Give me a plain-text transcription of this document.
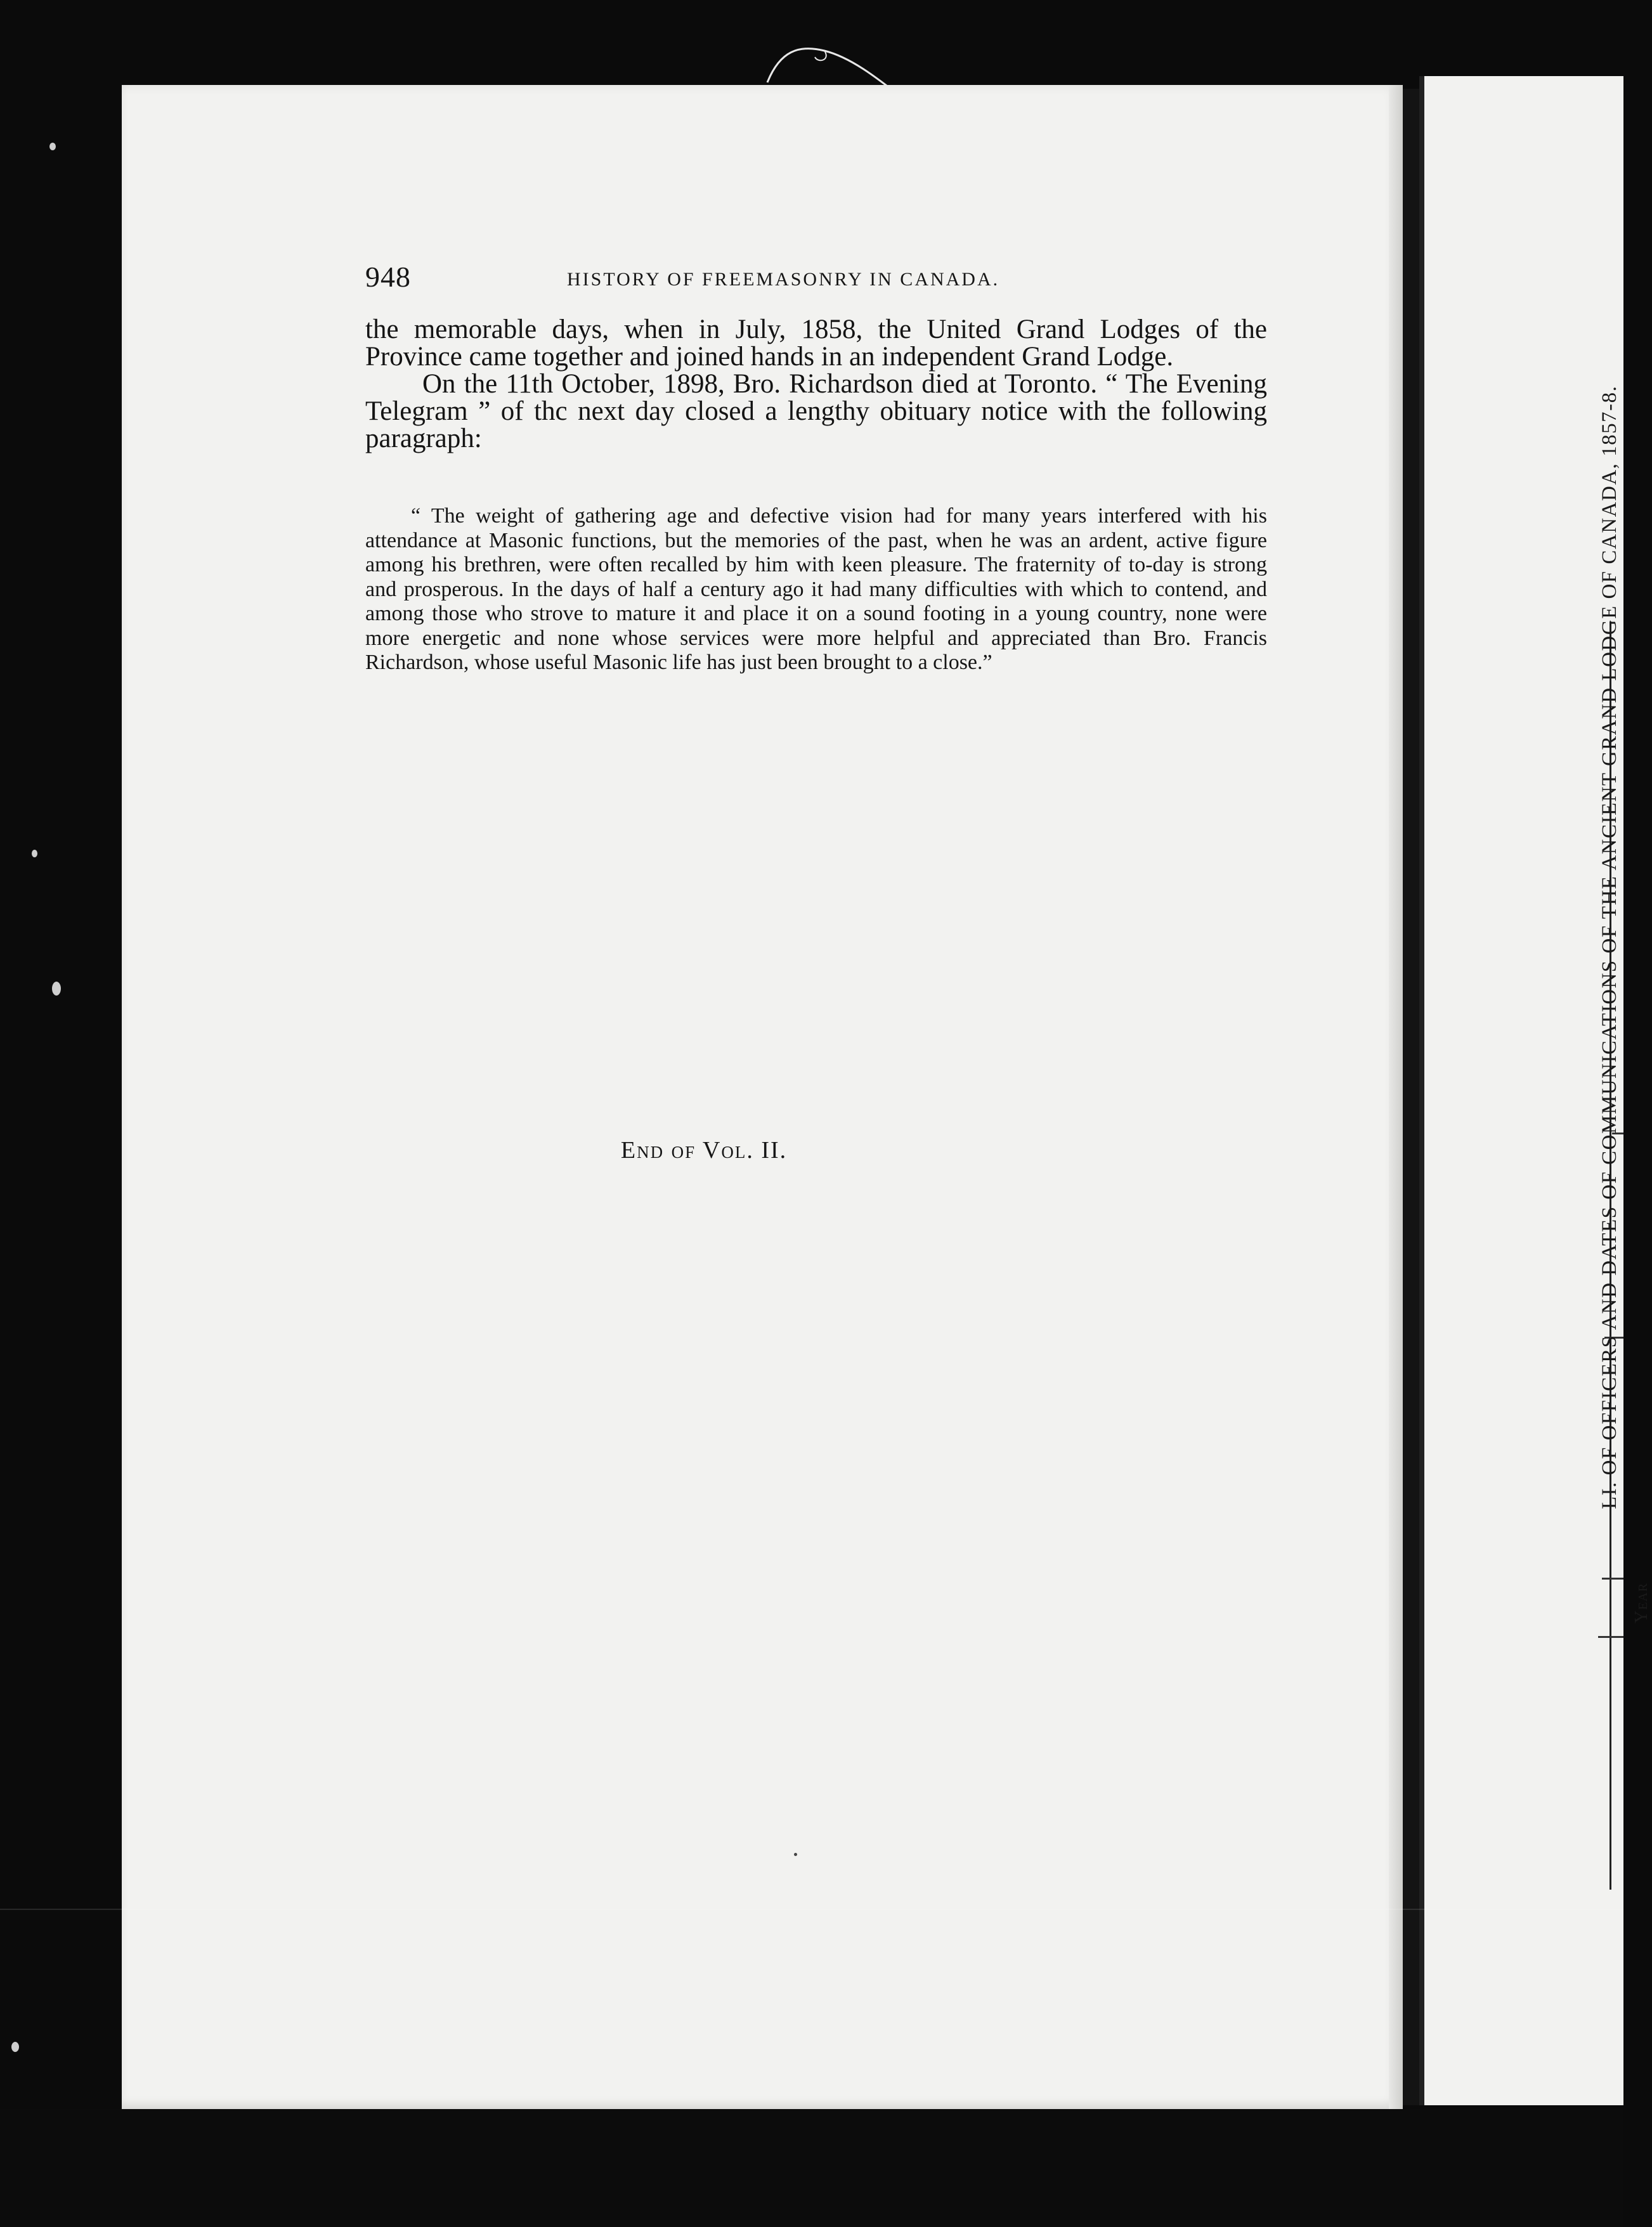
LI. OF OFFICERS AND DATES OF COMMUNICATIONS OF THE ANCIENT GRAND LODGE OF CANADA, 1857-8.
Year
948	HISTORY OF FREEMASONRY IN CANADA.

the memorable days, when in July, 1858, the United Grand Lodges of the Province came together and joined hands in an independent Grand Lodge.

On the 11th October, 1898, Bro. Richardson died at Toronto. “ The Evening Telegram ” of thc next day closed a lengthy obituary notice with the following paragraph:

“ The weight of gathering age and defective vision had for many years interfered with his attendance at Masonic functions, but the memories of the past, when he was an ardent, active figure among his brethren, were often recalled by him with keen pleasure. The fraternity of to-day is strong and prosperous. In the days of half a century ago it had many difficulties with which to contend, and among those who strove to mature it and place it on a sound footing in a young country, none were more energetic and none whose services were more helpful and appreciated than Bro. Francis Richardson, whose useful Masonic life has just been brought to a close.”

End of Vol. II.
